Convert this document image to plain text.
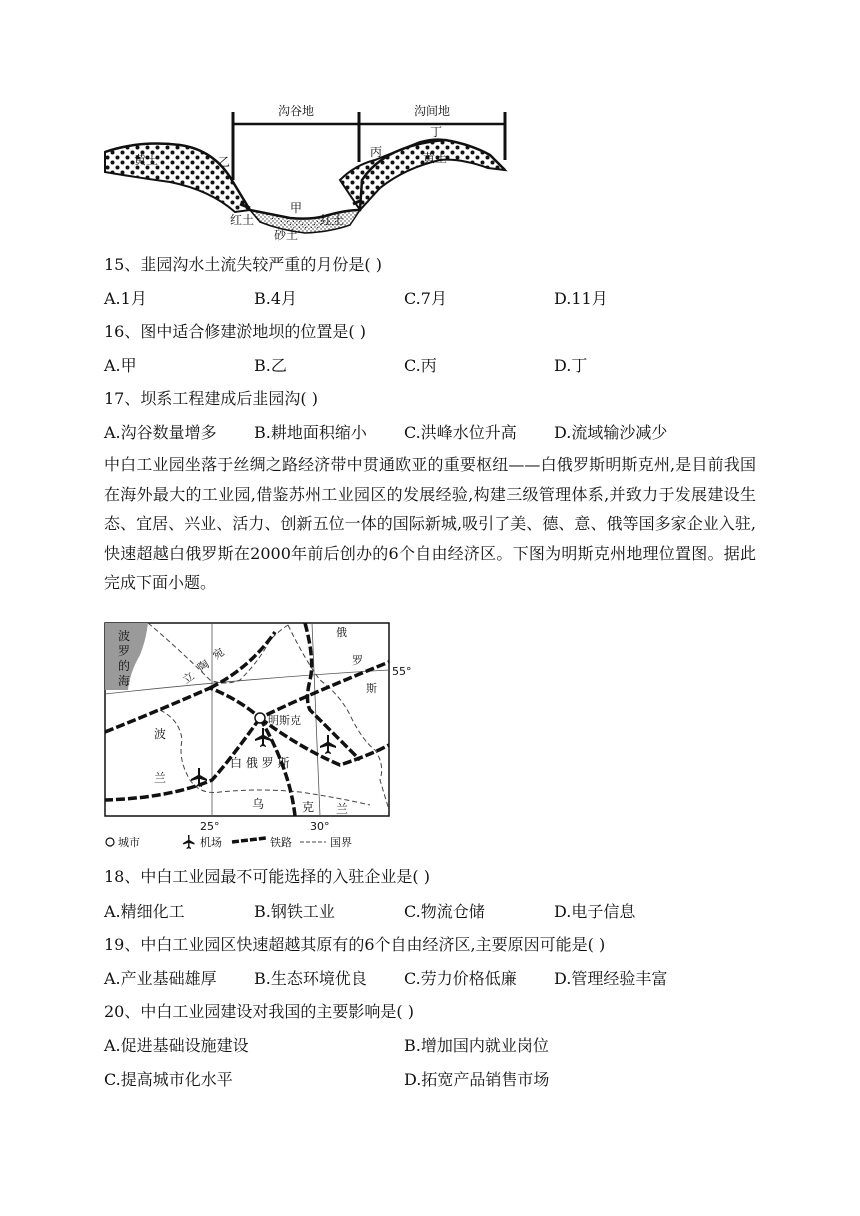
沟谷地	沟间地
黄土	黄土
乙
丙
丁
甲
红土	红土
砂土
15、韭园沟水土流失较严重的月份是( )
A.1月	B.4月	C.7月	D.11月
16、图中适合修建淤地坝的位置是( )
A.甲	B.乙	C.丙	D.丁
17、坝系工程建成后韭园沟( )
A.沟谷数量增多 B.耕地面积缩小 C.洪峰水位升高 D.流域输沙减少
中白工业园坐落于丝绸之路经济带中贯通欧亚的重要枢纽——白俄罗斯明斯克州,是目前我国在海外最大的工业园,借鉴苏州工业园区的发展经验,构建三级管理体系,并致力于发展建设生态、宜居、兴业、活力、创新五位一体的国际新城,吸引了美、德、意、俄等国多家企业入驻,快速超越白俄罗斯在2000年前后创办的6个自由经济区。下图为明斯克州地理位置图。据此完成下面小题。
波
罗
的
海	立
陶
宛
俄
罗
斯
55°
波
兰
明斯克
白 俄 罗 斯
乌	克 兰
25°	30°
城市	机场	铁路	国界
18、中白工业园最不可能选择的入驻企业是( )
A.精细化工	B.钢铁工业	C.物流仓储	D.电子信息
19、中白工业园区快速超越其原有的6个自由经济区,主要原因可能是( )
A.产业基础雄厚 B.生态环境优良 C.劳力价格低廉 D.管理经验丰富
20、中白工业园建设对我国的主要影响是( )
A.促进基础设施建设	B.增加国内就业岗位
C.提高城市化水平	D.拓宽产品销售市场
